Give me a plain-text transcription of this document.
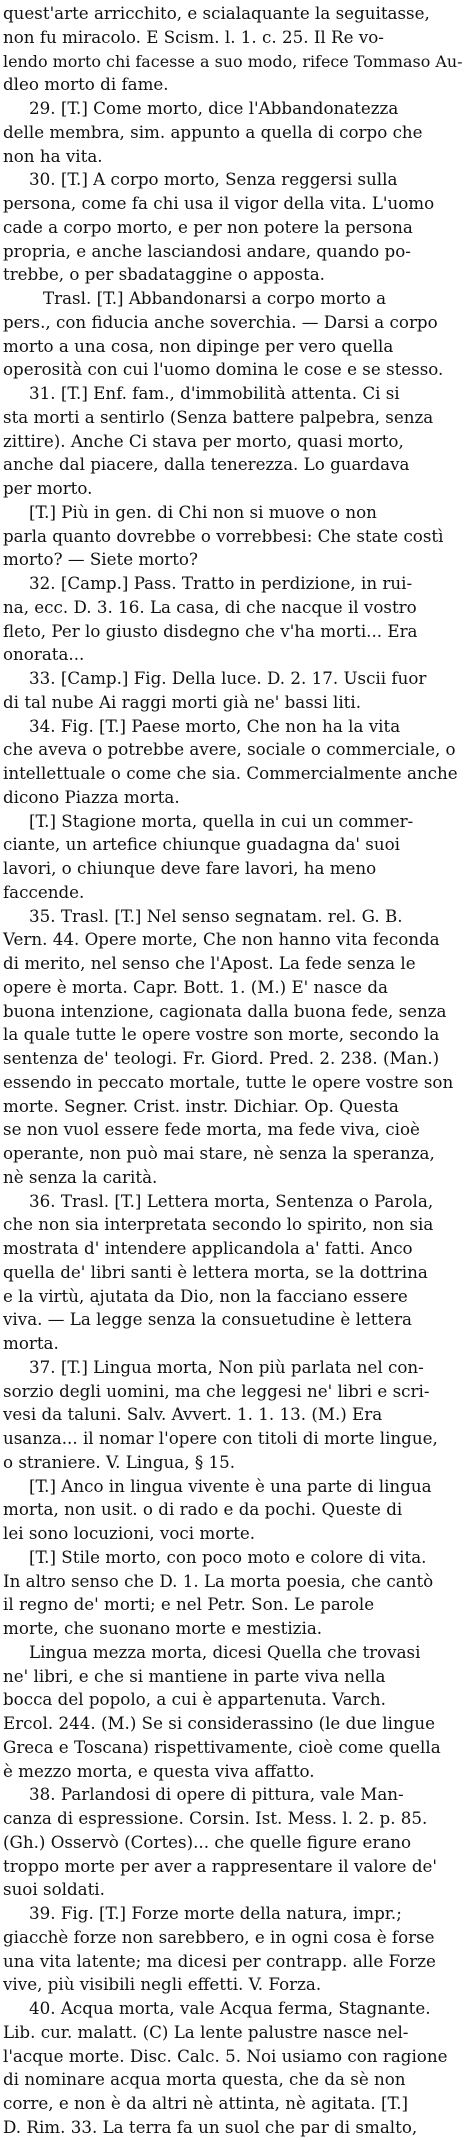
quest'arte arricchito, e scialaquante la seguitasse,
non fu miracolo. E Scism. l. 1. c. 25. Il Re vo-
lendo morto chi facesse a suo modo, rifece Tommaso Au-
dleo morto di fame.
29. [T.] Come morto, dice l'Abbandonatezza
delle membra, sim. appunto a quella di corpo che
non ha vita.
30. [T.] A corpo morto, Senza reggersi sulla
persona, come fa chi usa il vigor della vita. L'uomo
cade a corpo morto, e per non potere la persona
propria, e anche lasciandosi andare, quando po-
trebbe, o per sbadataggine o apposta.
Trasl. [T.] Abbandonarsi a corpo morto a
pers., con fiducia anche soverchia. — Darsi a corpo
morto a una cosa, non dipinge per vero quella
operosità con cui l'uomo domina le cose e se stesso.
31. [T.] Enf. fam., d'immobilità attenta. Ci si
sta morti a sentirlo (Senza battere palpebra, senza
zittire). Anche Ci stava per morto, quasi morto,
anche dal piacere, dalla tenerezza. Lo guardava
per morto.
[T.] Più in gen. di Chi non si muove o non
parla quanto dovrebbe o vorrebbesi: Che state costì
morto? — Siete morto?
32. [Camp.] Pass. Tratto in perdizione, in rui-
na, ecc. D. 3. 16. La casa, di che nacque il vostro
fleto, Per lo giusto disdegno che v'ha morti... Era
onorata...
33. [Camp.] Fig. Della luce. D. 2. 17. Uscii fuor
di tal nube Ai raggi morti già ne' bassi liti.
34. Fig. [T.] Paese morto, Che non ha la vita
che aveva o potrebbe avere, sociale o commerciale, o
intellettuale o come che sia. Commercialmente anche
dicono Piazza morta.
[T.] Stagione morta, quella in cui un commer-
ciante, un artefice chiunque guadagna da' suoi
lavori, o chiunque deve fare lavori, ha meno
faccende.
35. Trasl. [T.] Nel senso segnatam. rel. G. B.
Vern. 44. Opere morte, Che non hanno vita feconda
di merito, nel senso che l'Apost. La fede senza le
opere è morta. Capr. Bott. 1. (M.) E' nasce da
buona intenzione, cagionata dalla buona fede, senza
la quale tutte le opere vostre son morte, secondo la
sentenza de' teologi. Fr. Giord. Pred. 2. 238. (Man.)
essendo in peccato mortale, tutte le opere vostre son
morte. Segner. Crist. instr. Dichiar. Op. Questa
se non vuol essere fede morta, ma fede viva, cioè
operante, non può mai stare, nè senza la speranza,
nè senza la carità.
36. Trasl. [T.] Lettera morta, Sentenza o Parola,
che non sia interpretata secondo lo spirito, non sia
mostrata d' intendere applicandola a' fatti. Anco
quella de' libri santi è lettera morta, se la dottrina
e la virtù, ajutata da Dio, non la facciano essere
viva. — La legge senza la consuetudine è lettera
morta.
37. [T.] Lingua morta, Non più parlata nel con-
sorzio degli uomini, ma che leggesi ne' libri e scri-
vesi da taluni. Salv. Avvert. 1. 1. 13. (M.) Era
usanza... il nomar l'opere con titoli di morte lingue,
o straniere. V. Lingua, § 15.
[T.] Anco in lingua vivente è una parte di lingua
morta, non usit. o di rado e da pochi. Queste di
lei sono locuzioni, voci morte.
[T.] Stile morto, con poco moto e colore di vita.
In altro senso che D. 1. La morta poesia, che cantò
il regno de' morti; e nel Petr. Son. Le parole
morte, che suonano morte e mestizia.
Lingua mezza morta, dicesi Quella che trovasi
ne' libri, e che si mantiene in parte viva nella
bocca del popolo, a cui è appartenuta. Varch.
Ercol. 244. (M.) Se si considerassino (le due lingue
Greca e Toscana) rispettivamente, cioè come quella
è mezzo morta, e questa viva affatto.
38. Parlandosi di opere di pittura, vale Man-
canza di espressione. Corsin. Ist. Mess. l. 2. p. 85.
(Gh.) Osservò (Cortes)... che quelle figure erano
troppo morte per aver a rappresentare il valore de'
suoi soldati.
39. Fig. [T.] Forze morte della natura, impr.;
giacchè forze non sarebbero, e in ogni cosa è forse
una vita latente; ma dicesi per contrapp. alle Forze
vive, più visibili negli effetti. V. Forza.
40. Acqua morta, vale Acqua ferma, Stagnante.
Lib. cur. malatt. (C) La lente palustre nasce nel-
l'acque morte. Disc. Calc. 5. Noi usiamo con ragione
di nominare acqua morta questa, che da sè non
corre, e non è da altri nè attinta, nè agitata. [T.]
D. Rim. 33. La terra fa un suol che par di smalto,
